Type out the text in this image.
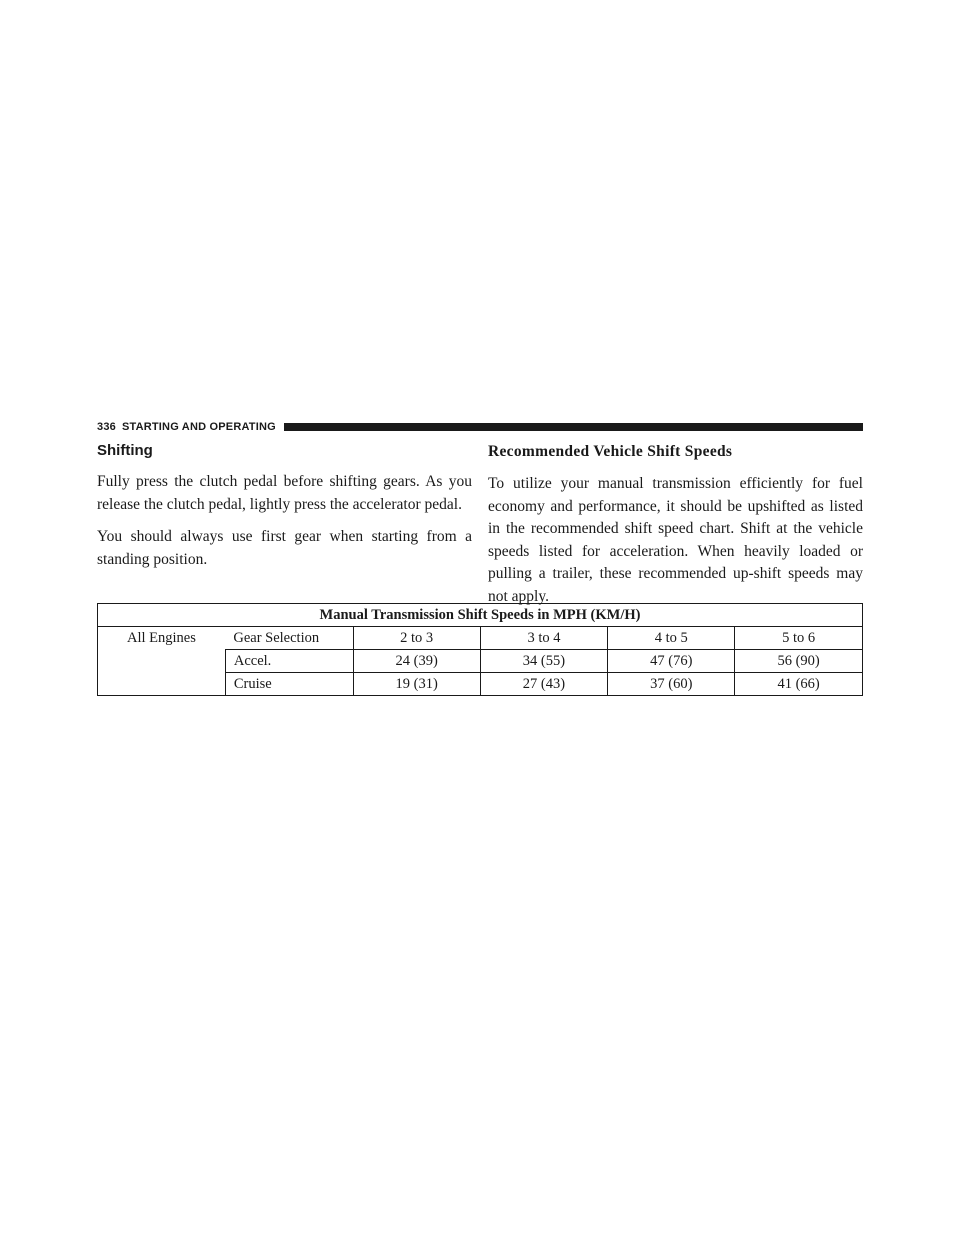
336 STARTING AND OPERATING
Shifting

Fully press the clutch pedal before shifting gears. As you release the clutch pedal, lightly press the accelerator pedal.

You should always use first gear when starting from a standing position.

Recommended Vehicle Shift Speeds

To utilize your manual transmission efficiently for fuel economy and performance, it should be upshifted as listed in the recommended shift speed chart. Shift at the vehicle speeds listed for acceleration. When heavily loaded or pulling a trailer, these recommended up-shift speeds may not apply.

Manual Transmission Shift Speeds in MPH (KM/H)					
All Engines	Gear Selection	2 to 3	3 to 4	4 to 5	5 to 6
	Accel.	24 (39)	34 (55)	47 (76)	56 (90)
	Cruise	19 (31)	27 (43)	37 (60)	41 (66)
